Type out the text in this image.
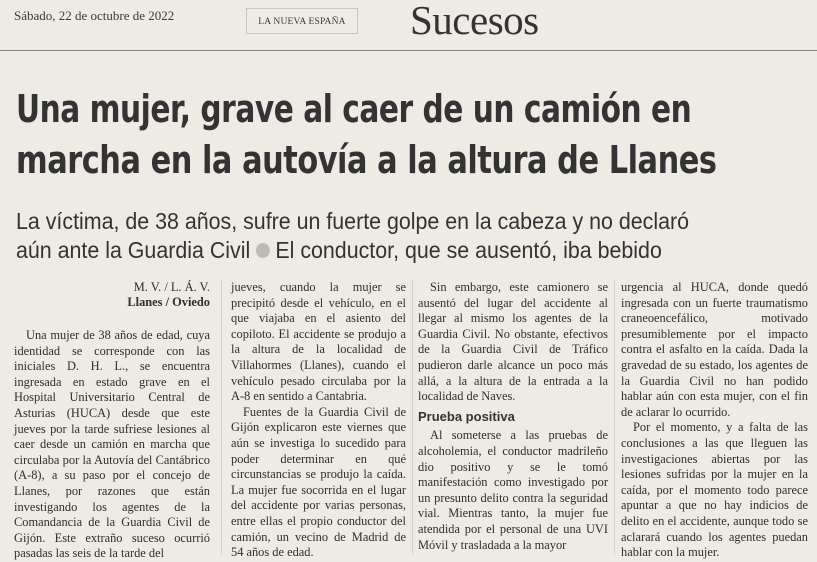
Sábado, 22 de octubre de 2022	LA NUEVA ESPAÑA Sucesos
Una mujer, grave al caer de un camión en
marcha en la autovía a la altura de Llanes
La víctima, de 38 años, sufre un fuerte golpe en la cabeza y no declaró
aún ante la Guardia Civil El conductor, que se ausentó, iba bebido
M. V. / L. Á. V.
Llanes / Oviedo

Una mujer de 38 años de edad, cuya identidad se corresponde con las iniciales D. H. L., se encuentra ingresada en estado grave en el Hospital Universitario Central de Asturias (HUCA) desde que este jueves por la tarde sufriese lesiones al caer desde un camión en marcha que circulaba por la Autovía del Cantábrico (A-8), a su paso por el concejo de Llanes, por razones que están investigando los agentes de la Comandancia de la Guardia Civil de Gijón. Este extraño suceso ocurrió pasadas las seis de la tarde del

jueves, cuando la mujer se precipitó desde el vehículo, en el que viajaba en el asiento del copiloto. El accidente se produjo a la altura de la localidad de Villahormes (Llanes), cuando el vehículo pesado circulaba por la A-8 en sentido a Cantabria.

Fuentes de la Guardia Civil de Gijón explicaron este viernes que aún se investiga lo sucedido para poder determinar en qué circunstancias se produjo la caída. La mujer fue socorrida en el lugar del accidente por varias personas, entre ellas el propio conductor del camión, un vecino de Madrid de 54 años de edad.

Sin embargo, este camionero se ausentó del lugar del accidente al llegar al mismo los agentes de la Guardia Civil. No obstante, efectivos de la Guardia Civil de Tráfico pudieron darle alcance un poco más allá, a la altura de la entrada a la localidad de Naves.

Prueba positiva

Al someterse a las pruebas de alcoholemia, el conductor madrileño dio positivo y se le tomó manifestación como investigado por un presunto delito contra la seguridad vial. Mientras tanto, la mujer fue atendida por el personal de una UVI Móvil y trasladada a la mayor

urgencia al HUCA, donde quedó ingresada con un fuerte traumatismo craneoencefálico, motivado presumiblemente por el impacto contra el asfalto en la caída. Dada la gravedad de su estado, los agentes de la Guardia Civil no han podido hablar aún con esta mujer, con el fin de aclarar lo ocurrido.

Por el momento, y a falta de las conclusiones a las que lleguen las investigaciones abiertas por las lesiones sufridas por la mujer en la caída, por el momento todo parece apuntar a que no hay indicios de delito en el accidente, aunque todo se aclarará cuando los agentes puedan hablar con la mujer.
